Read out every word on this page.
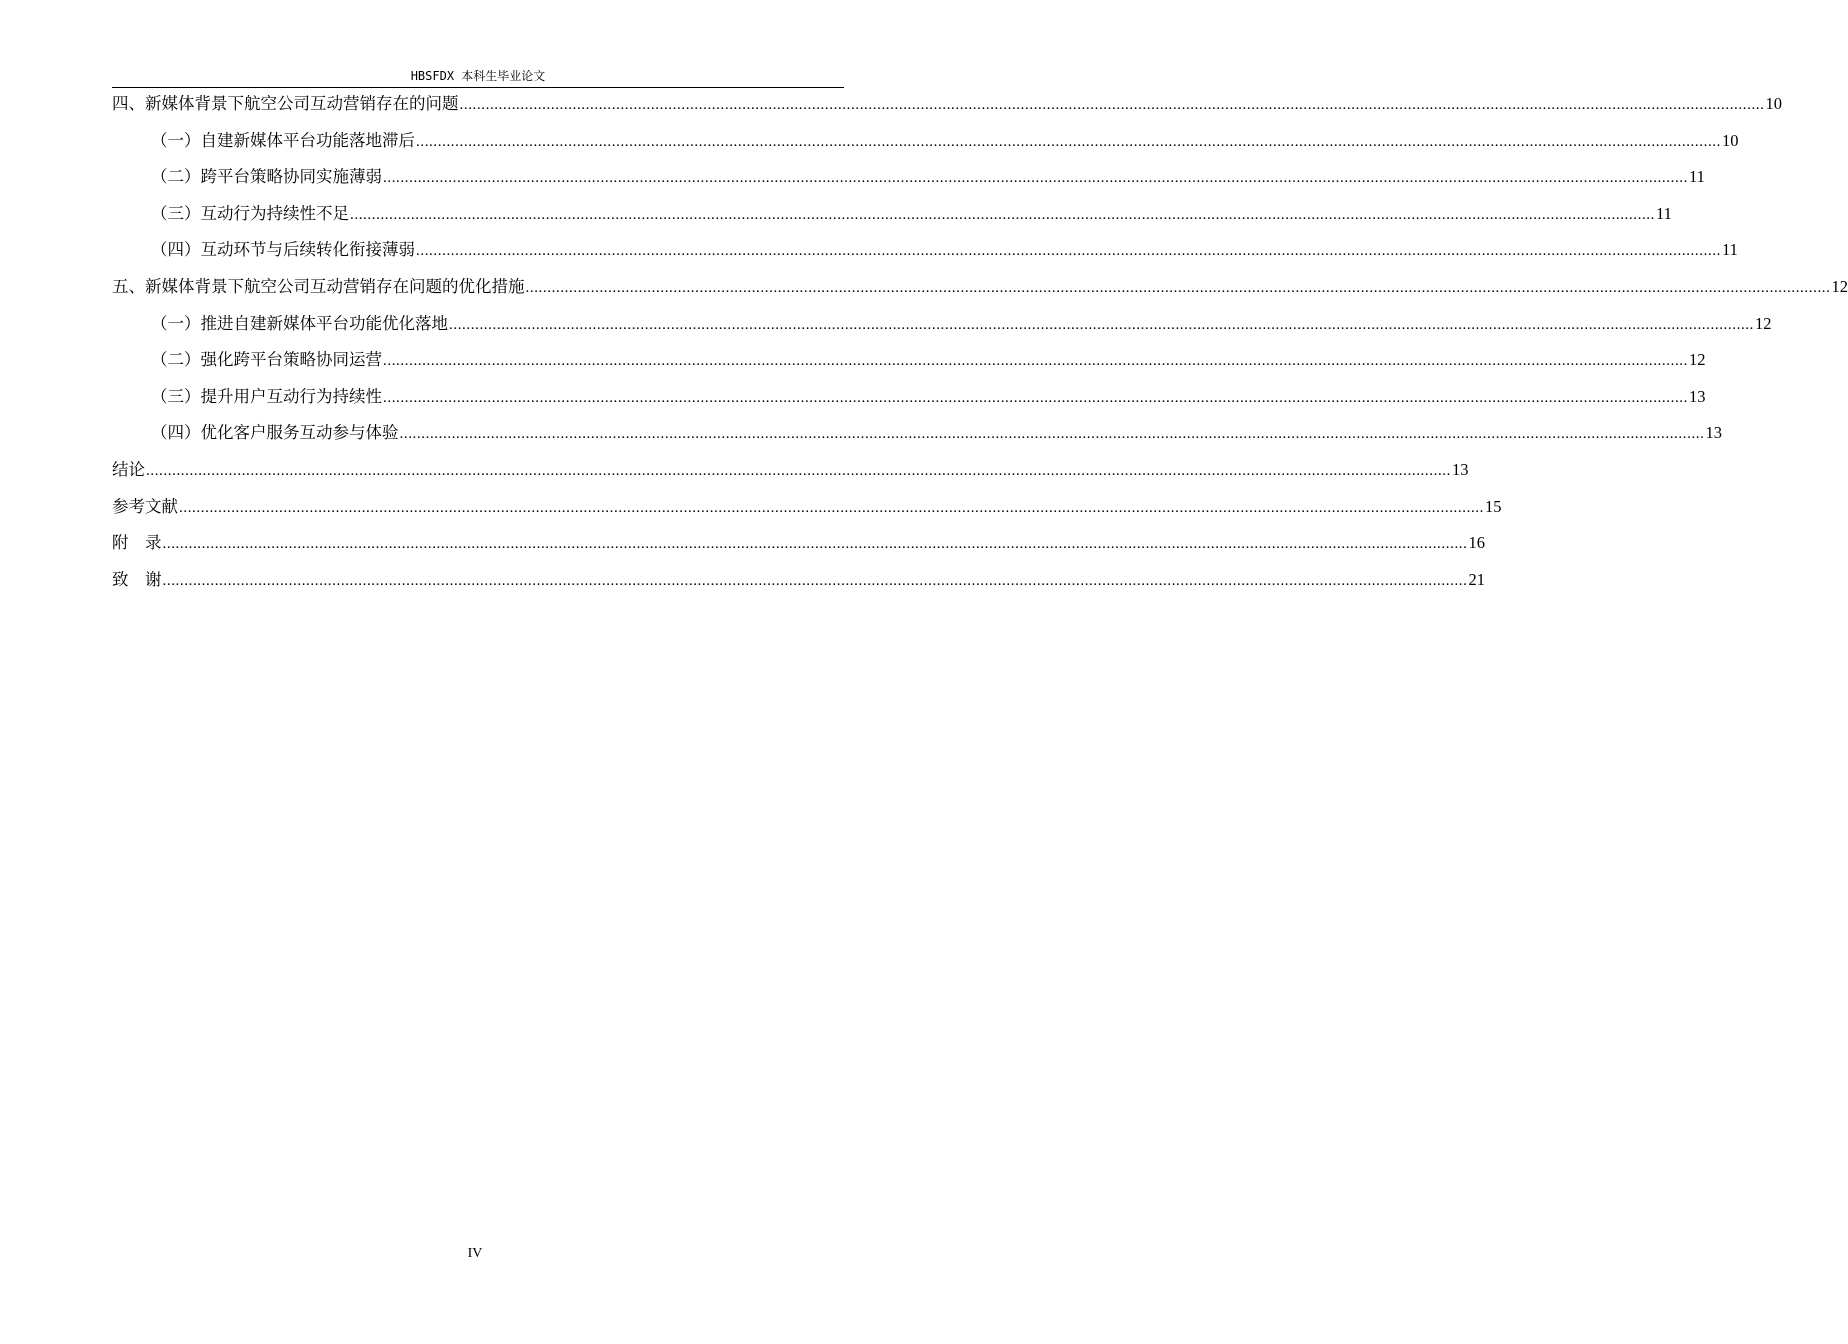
HBSFDX 本科生毕业论文
四、新媒体背景下航空公司互动营销存在的问题 ............................................................................................................................................................................................................................................................................................................ 10
（一）自建新媒体平台功能落地滞后 ............................................................................................................................................................................................................................................................................................................ 10
（二）跨平台策略协同实施薄弱 ............................................................................................................................................................................................................................................................................................................ 11
（三）互动行为持续性不足 ............................................................................................................................................................................................................................................................................................................ 11
（四）互动环节与后续转化衔接薄弱 ............................................................................................................................................................................................................................................................................................................ 11
五、新媒体背景下航空公司互动营销存在问题的优化措施 ............................................................................................................................................................................................................................................................................................................ 12
（一）推进自建新媒体平台功能优化落地 ............................................................................................................................................................................................................................................................................................................ 12
（二）强化跨平台策略协同运营 ............................................................................................................................................................................................................................................................................................................ 12
（三）提升用户互动行为持续性 ............................................................................................................................................................................................................................................................................................................ 13
（四）优化客户服务互动参与体验 ............................................................................................................................................................................................................................................................................................................ 13
结论 ............................................................................................................................................................................................................................................................................................................ 13
参考文献 ............................................................................................................................................................................................................................................................................................................ 15
附　录 ............................................................................................................................................................................................................................................................................................................ 16
致　谢 ............................................................................................................................................................................................................................................................................................................ 21
IV
